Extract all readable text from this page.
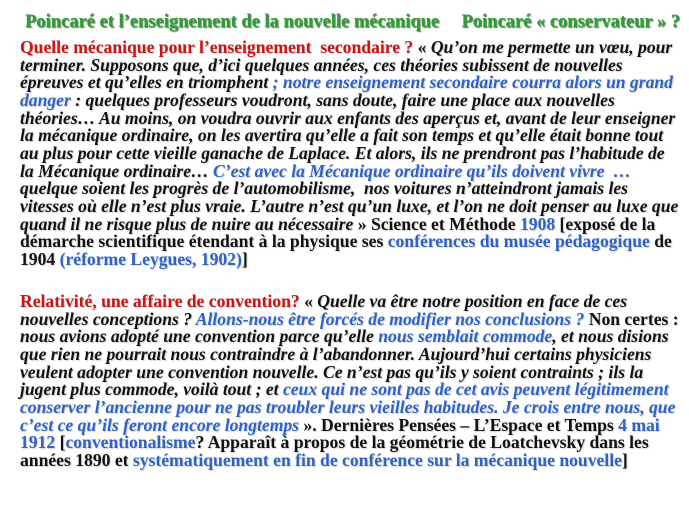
Poincaré et l’enseignement de la nouvelle mécanique Poincaré « conservateur » ?
Quelle mécanique pour l’enseignement  secondaire ? « Qu’on me permette un vœu, pour
terminer. Supposons que, d’ici quelques années, ces théories subissent de nouvelles
épreuves et qu’elles en triomphent ; notre enseignement secondaire courra alors un grand
danger : quelques professeurs voudront, sans doute, faire une place aux nouvelles
théories… Au moins, on voudra ouvrir aux enfants des aperçus et, avant de leur enseigner
la mécanique ordinaire, on les avertira qu’elle a fait son temps et qu’elle était bonne tout
au plus pour cette vieille ganache de Laplace. Et alors, ils ne prendront pas l’habitude de
la Mécanique ordinaire… C’est avec la Mécanique ordinaire qu’ils doivent vivre  …
quelque soient les progrès de l’automobilisme,  nos voitures n’atteindront jamais les
vitesses où elle n’est plus vraie. L’autre n’est qu’un luxe, et l’on ne doit penser au luxe que
quand il ne risque plus de nuire au nécessaire » Science et Méthode 1908 [exposé de la
démarche scientifique étendant à la physique ses conférences du musée pédagogique de
1904 (réforme Leygues, 1902)]
Relativité, une affaire de convention? « Quelle va être notre position en face de ces
nouvelles conceptions ? Allons-nous être forcés de modifier nos conclusions ? Non certes :
nous avions adopté une convention parce qu’elle nous semblait commode, et nous disions
que rien ne pourrait nous contraindre à l’abandonner. Aujourd’hui certains physiciens
veulent adopter une convention nouvelle. Ce n’est pas qu’ils y soient contraints ; ils la
jugent plus commode, voilà tout ; et ceux qui ne sont pas de cet avis peuvent légitimement
conserver l’ancienne pour ne pas troubler leurs vieilles habitudes. Je crois entre nous, que
c’est ce qu’ils feront encore longtemps ». Dernières Pensées – L’Espace et Temps 4 mai
1912 [conventionalisme? Apparaît à propos de la géométrie de Loatchevsky dans les
années 1890 et systématiquement en fin de conférence sur la mécanique nouvelle]
